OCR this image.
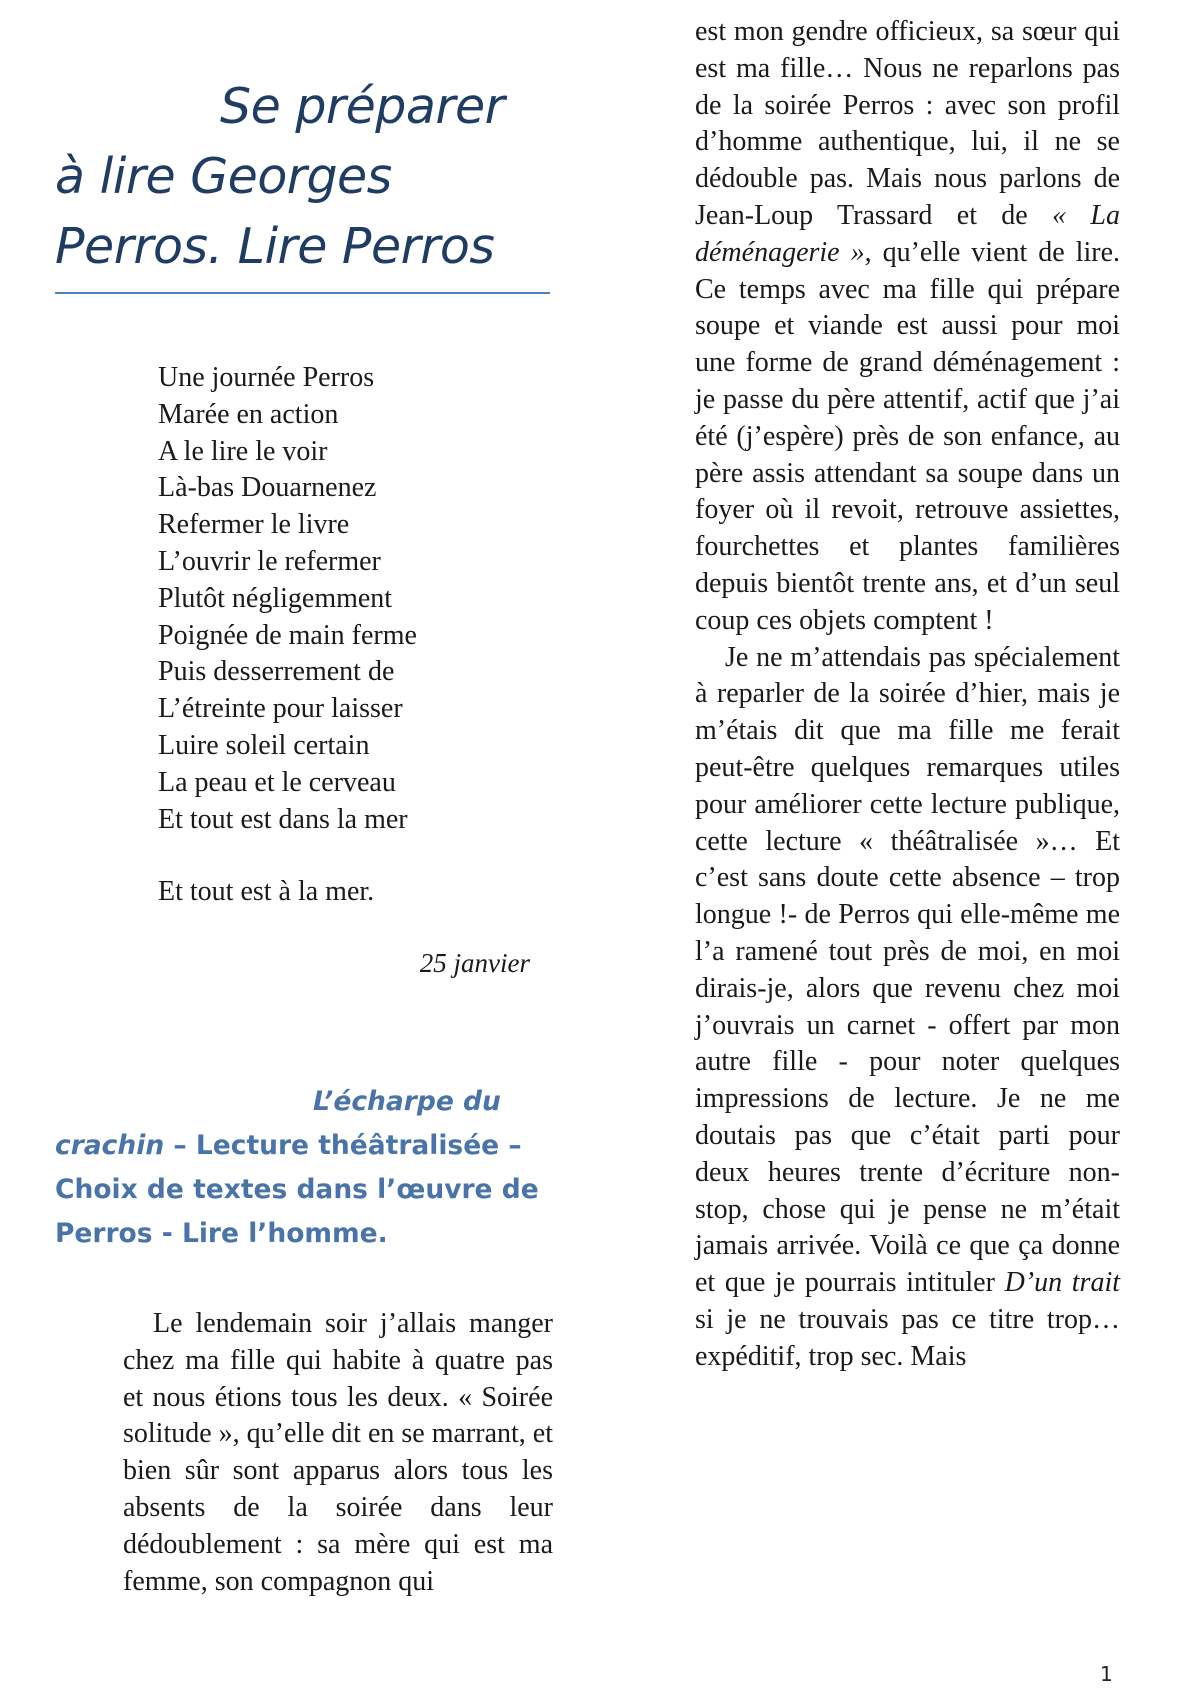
Se préparer
à lire Georges
Perros. Lire Perros
Une journée Perros
Marée en action
A le lire le voir
Là-bas Douarnenez
Refermer le livre
L’ouvrir le refermer
Plutôt négligemment
Poignée de main ferme
Puis desserrement de
L’étreinte pour laisser
Luire soleil certain
La peau et le cerveau
Et tout est dans la mer
Et tout est à la mer.
25 janvier
L’écharpe du
crachin – Lecture théâtralisée –
Choix de textes dans l’œuvre de
Perros - Lire l’homme.

Le lendemain soir j’allais manger chez ma fille qui habite à quatre pas et nous étions tous les deux. « Soirée solitude », qu’elle dit en se marrant, et bien sûr sont apparus alors tous les absents de la soirée dans leur dédoublement : sa mère qui est ma femme, son compagnon qui

est mon gendre officieux, sa sœur qui est ma fille… Nous ne reparlons pas de la soirée Perros : avec son profil d’homme authentique, lui, il ne se dédouble pas. Mais nous parlons de Jean-Loup Trassard et de « La déménagerie », qu’elle vient de lire. Ce temps avec ma fille qui prépare soupe et viande est aussi pour moi une forme de grand déménagement : je passe du père attentif, actif que j’ai été (j’espère) près de son enfance, au père assis attendant sa soupe dans un foyer où il revoit, retrouve assiettes, fourchettes et plantes familières depuis bientôt trente ans, et d’un seul coup ces objets comptent !

Je ne m’attendais pas spécialement à reparler de la soirée d’hier, mais je m’étais dit que ma fille me ferait peut-être quelques remarques utiles pour améliorer cette lecture publique, cette lecture « théâtralisée »… Et c’est sans doute cette absence – trop longue !- de Perros qui elle-même me l’a ramené tout près de moi, en moi dirais-je, alors que revenu chez moi j’ouvrais un carnet - offert par mon autre fille - pour noter quelques impressions de lecture. Je ne me doutais pas que c’était parti pour deux heures trente d’écriture non-stop, chose qui je pense ne m’était jamais arrivée. Voilà ce que ça donne et que je pourrais intituler D’un trait si je ne trouvais pas ce titre trop… expéditif, trop sec. Mais

1
